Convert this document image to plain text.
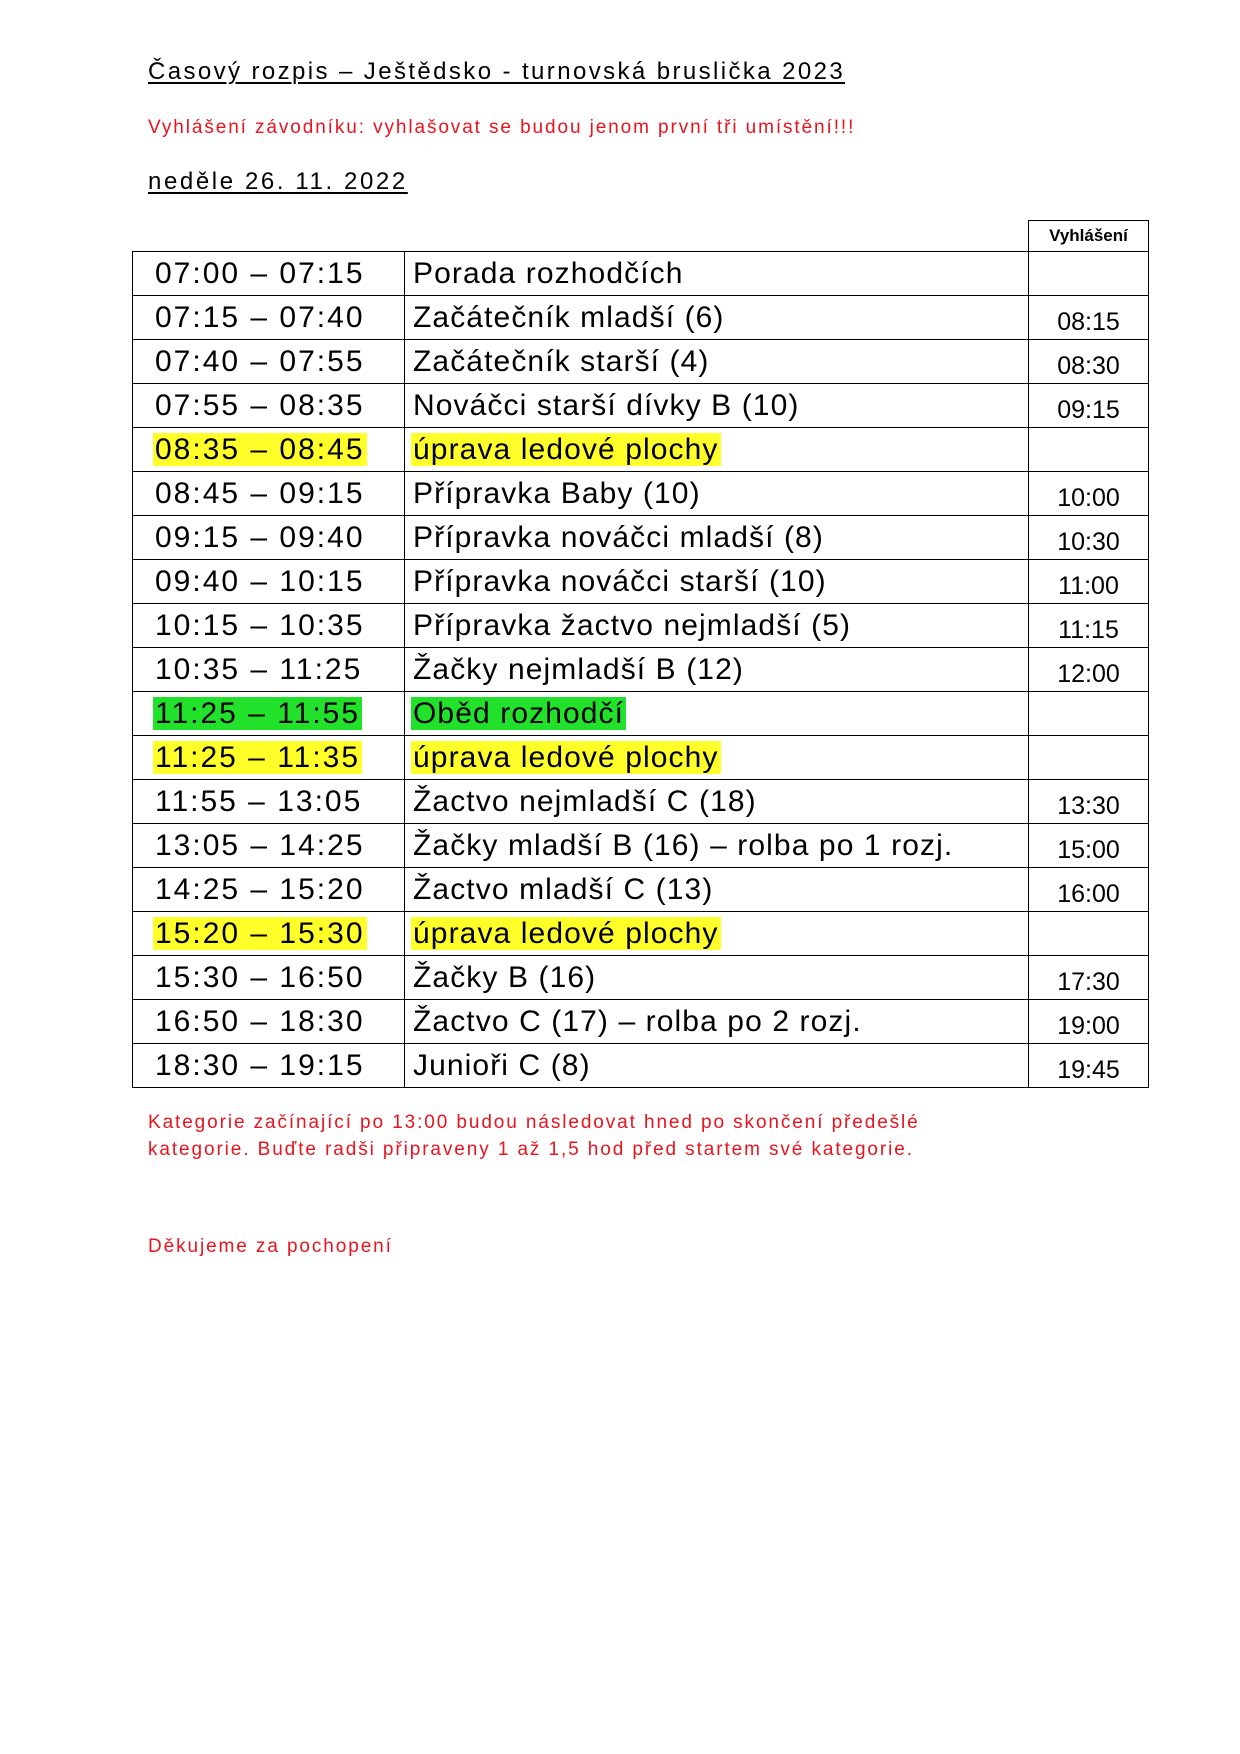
Časový rozpis – Ještědsko - turnovská bruslička 2023
Vyhlášení závodníku: vyhlašovat se budou jenom první tři umístění!!!
neděle 26. 11. 2022
		Vyhlášení
07:00 – 07:15	Porada rozhodčích	
07:15 – 07:40	Začátečník mladší (6)	08:15
07:40 – 07:55	Začátečník starší (4)	08:30
07:55 – 08:35	Nováčci starší dívky B (10)	09:15
08:35 – 08:45	úprava ledové plochy	
08:45 – 09:15	Přípravka Baby (10)	10:00
09:15 – 09:40	Přípravka nováčci mladší (8)	10:30
09:40 – 10:15	Přípravka nováčci starší (10)	11:00
10:15 – 10:35	Přípravka žactvo nejmladší (5)	11:15
10:35 – 11:25	Žačky nejmladší B (12)	12:00
11:25 – 11:55	Oběd rozhodčí	
11:25 – 11:35	úprava ledové plochy	
11:55 – 13:05	Žactvo nejmladší C (18)	13:30
13:05 – 14:25	Žačky mladší B (16) – rolba po 1 rozj.	15:00
14:25 – 15:20	Žactvo mladší C (13)	16:00
15:20 – 15:30	úprava ledové plochy	
15:30 – 16:50	Žačky B (16)	17:30
16:50 – 18:30	Žactvo C (17) – rolba po 2 rozj.	19:00
18:30 – 19:15	Junioři C (8)	19:45
Kategorie začínající po 13:00 budou následovat hned po skončení předešlé
kategorie. Buďte radši připraveny 1 až 1,5 hod před startem své kategorie.
Děkujeme za pochopení
